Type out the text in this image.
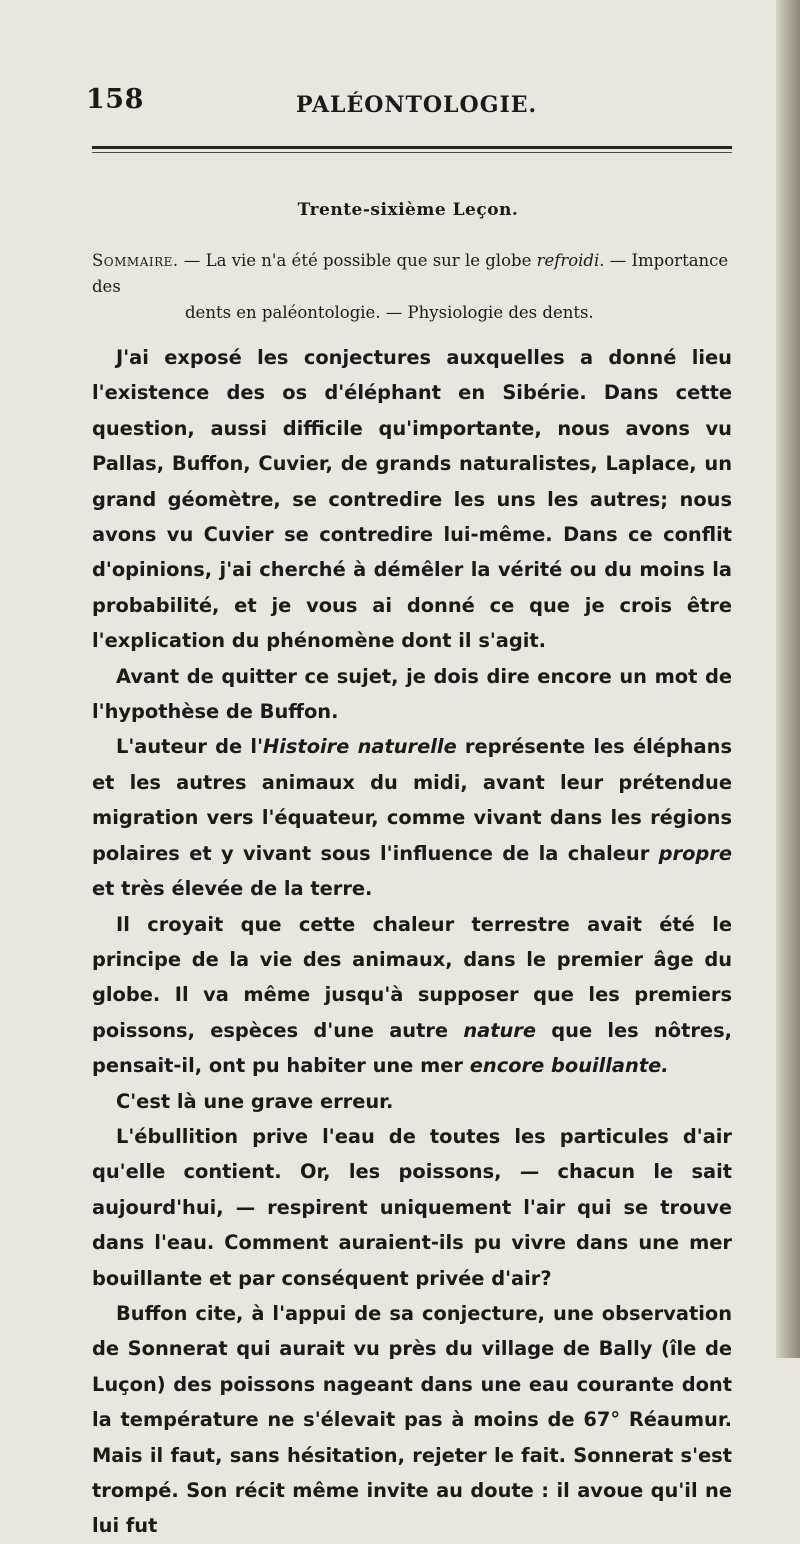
158	PALÉONTOLOGIE.
Trente-sixième Leçon.
Sommaire. — La vie n'a été possible que sur le globe refroidi. — Importance des
dents en paléontologie. — Physiologie des dents.

J'ai exposé les conjectures auxquelles a donné lieu l'existence des os d'éléphant en Sibérie. Dans cette question, aussi difficile qu'importante, nous avons vu Pallas, Buffon, Cuvier, de grands naturalistes, Laplace, un grand géomètre, se contredire les uns les autres; nous avons vu Cuvier se contredire lui-même. Dans ce conflit d'opinions, j'ai cherché à démêler la vérité ou du moins la probabilité, et je vous ai donné ce que je crois être l'explication du phénomène dont il s'agit.

Avant de quitter ce sujet, je dois dire encore un mot de l'hypothèse de Buffon.

L'auteur de l'Histoire naturelle représente les éléphans et les autres animaux du midi, avant leur prétendue migration vers l'équateur, comme vivant dans les régions polaires et y vivant sous l'influence de la chaleur propre et très élevée de la terre.

Il croyait que cette chaleur terrestre avait été le principe de la vie des animaux, dans le premier âge du globe. Il va même jusqu'à supposer que les premiers poissons, espèces d'une autre nature que les nôtres, pensait-il, ont pu habiter une mer encore bouillante.

C'est là une grave erreur.

L'ébullition prive l'eau de toutes les particules d'air qu'elle contient. Or, les poissons, — chacun le sait aujourd'hui, — respirent uniquement l'air qui se trouve dans l'eau. Comment auraient-ils pu vivre dans une mer bouillante et par conséquent privée d'air?

Buffon cite, à l'appui de sa conjecture, une observation de Sonnerat qui aurait vu près du village de Bally (île de Luçon) des poissons nageant dans une eau courante dont la température ne s'élevait pas à moins de 67° Réaumur. Mais il faut, sans hésitation, rejeter le fait. Sonnerat s'est trompé. Son récit même invite au doute : il avoue qu'il ne lui fut
